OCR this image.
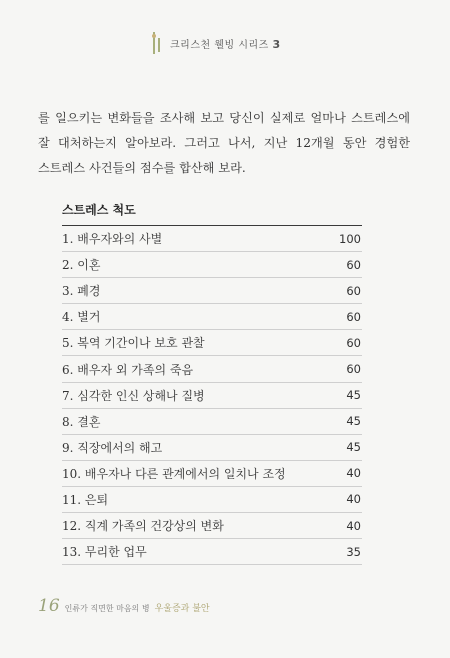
크리스천 웰빙 시리즈 3

를 일으키는 변화들을 조사해 보고 당신이 실제로 얼마나 스트레스에 잘 대처하는지 알아보라. 그러고 나서, 지난 12개월 동안 경험한 스트레스 사건들의 점수를 합산해 보라.

스트레스 척도
1. 배우자와의 사별	100
2. 이혼	60
3. 폐경	60
4. 별거	60
5. 복역 기간이나 보호 관찰	60
6. 배우자 외 가족의 죽음	60
7. 심각한 인신 상해나 질병	45
8. 결혼	45
9. 직장에서의 해고	45
10. 배우자나 다른 관계에서의 일치나 조정	40
11. 은퇴	40
12. 직계 가족의 건강상의 변화	40
13. 무리한 업무	35
16 인류가 직면한 마음의 병 우울증과 불안
